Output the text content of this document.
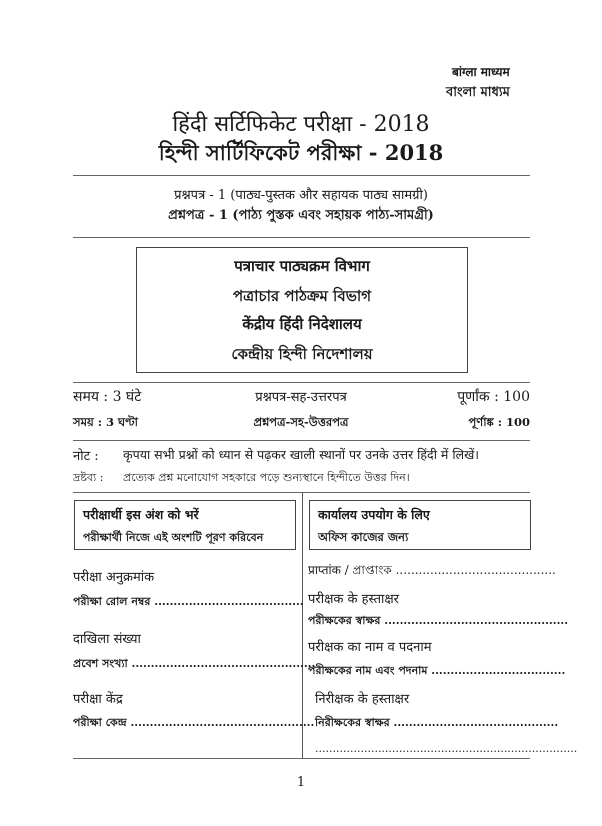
बांग्ला माध्यम
বাংলা মাধ্যম
हिंदी सर्टिफिकेट परीक्षा - 2018
হিন্দী সার্টিফিকেট পরীক্ষা - 2018
प्रश्नपत्र - 1 (पाठ्य-पुस्तक और सहायक पाठ्य सामग्री)
প্রশ্নপত্র - 1 (পাঠ্য পুস্তক এবং সহায়ক পাঠ্য-সামগ্রী)
पत्राचार पाठ्यक्रम विभाग
পত্রাচার পাঠক্রম বিভাগ
केंद्रीय हिंदी निदेशालय
কেন্দ্রীয় হিন্দী নিদেশালয়
समय : 3 घंटे	प्रश्नपत्र-सह-उत्तरपत्र	पूर्णांक : 100
সময় : 3 ঘণ্টা	প্রশ্নপত্র-সহ-উত্তরপত্র	পূর্ণাঙ্ক : 100
नोट : कृपया सभी प्रश्नों को ध्यान से पढ़कर खाली स्थानों पर उनके उत्तर हिंदी में लिखें।
দ্রষ্টব্য : প্রত্যেক প্রশ্ন মনোযোগ সহকারে পড়ে শুন্যস্থানে হিন্দীতে উত্তর দিন।
परीक्षार्थी इस अंश को भरें
পরীক্ষার্থী নিজে এই অংশটি পূরণ করিবেন
कार्यालय उपयोग के लिए
অফিস কাজের জন্য
परीक्षा अनुक्रमांक
পরীক্ষা রোল নম্বর .......................................
दाखिला संख्या
প্রবেশ সংখ্যা ................................................
परीक्षा केंद्र
পরীক্ষা কেন্দ্র ................................................
प्राप्तांक / প্রাপ্তাংক ..........................................
परीक्षक के हस्ताक्षर
পরীক্ষকের স্বাক্ষর ................................................
परीक्षक का नाम व पदनाम
পরীক্ষকের নাম এবং পদনাম ...................................
निरीक्षक के हस्ताक्षर
নিরীক্ষকের স্বাক্ষর ...........................................
...........................................................................
1
